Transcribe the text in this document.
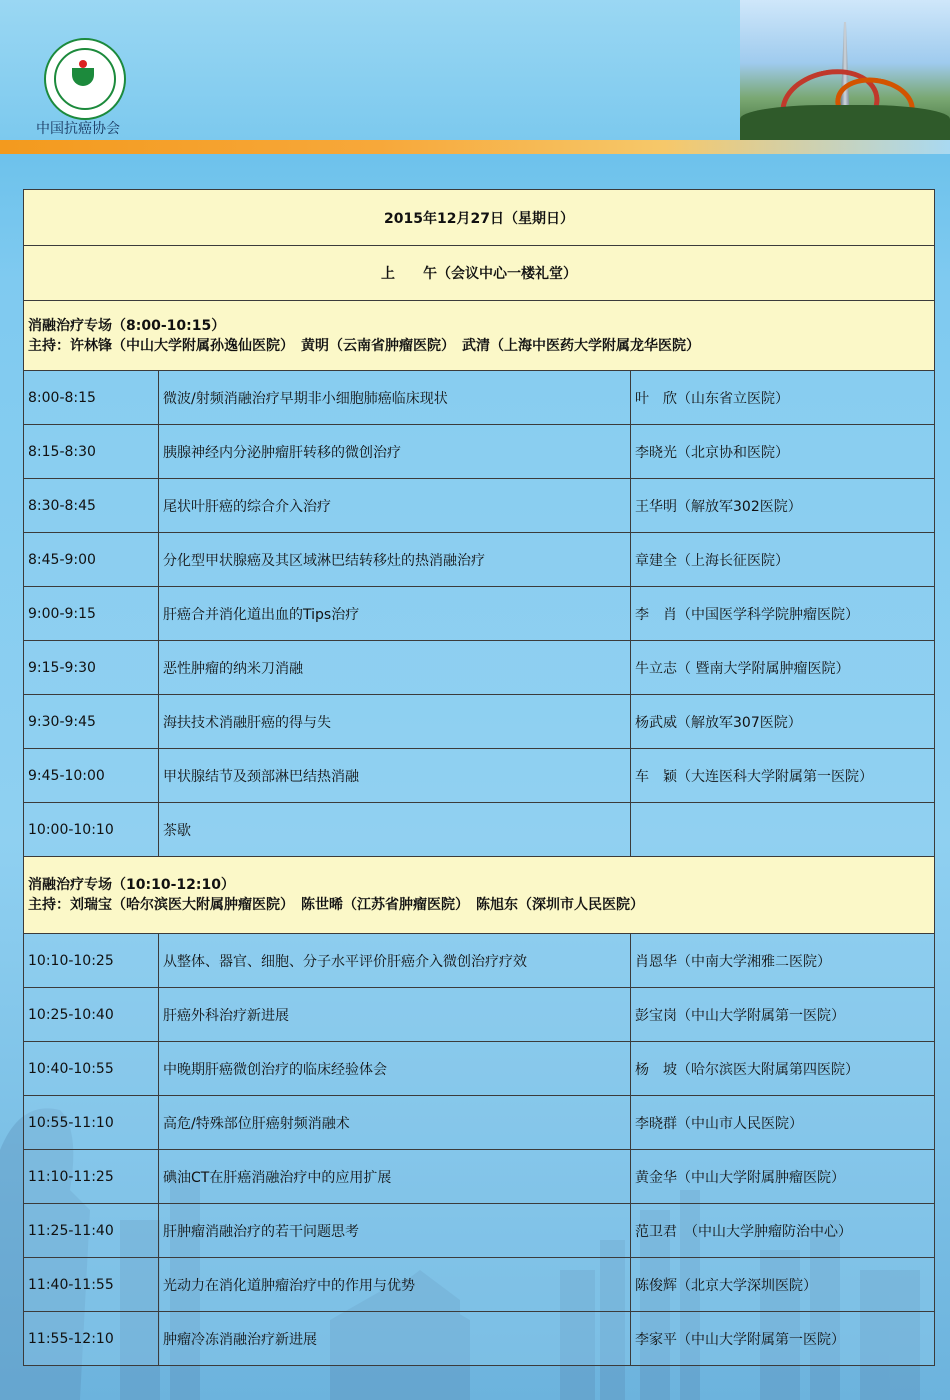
中国抗癌协会
2015年12月27日（星期日）		
上　　午（会议中心一楼礼堂）		

消融治疗专场（8:00-10:15）
主持：许林锋（中山大学附属孙逸仙医院）　黄明（云南省肿瘤医院）　武清（上海中医药大学附属龙华医院）		

8:00-8:15	微波/射频消融治疗早期非小细胞肺癌临床现状	叶　欣（山东省立医院）
8:15-8:30	胰腺神经内分泌肿瘤肝转移的微创治疗	李晓光（北京协和医院）
8:30-8:45	尾状叶肝癌的综合介入治疗	王华明（解放军302医院）
8:45-9:00	分化型甲状腺癌及其区域淋巴结转移灶的热消融治疗	章建全（上海长征医院）
9:00-9:15	肝癌合并消化道出血的Tips治疗	李　肖（中国医学科学院肿瘤医院）
9:15-9:30	恶性肿瘤的纳米刀消融	牛立志（ 暨南大学附属肿瘤医院）
9:30-9:45	海扶技术消融肝癌的得与失	杨武威（解放军307医院）
9:45-10:00	甲状腺结节及颈部淋巴结热消融	车　颖（大连医科大学附属第一医院）
10:00-10:10	茶歇	

消融治疗专场（10:10-12:10）
主持：刘瑞宝（哈尔滨医大附属肿瘤医院）　陈世晞（江苏省肿瘤医院）　陈旭东（深圳市人民医院）		

10:10-10:25	从整体、器官、细胞、分子水平评价肝癌介入微创治疗疗效	肖恩华（中南大学湘雅二医院）
10:25-10:40	肝癌外科治疗新进展	彭宝岗（中山大学附属第一医院）
10:40-10:55	中晚期肝癌微创治疗的临床经验体会	杨　坡（哈尔滨医大附属第四医院）
10:55-11:10	高危/特殊部位肝癌射频消融术	李晓群（中山市人民医院）
11:10-11:25	碘油CT在肝癌消融治疗中的应用扩展	黄金华（中山大学附属肿瘤医院）
11:25-11:40	肝肿瘤消融治疗的若干问题思考	范卫君　（中山大学肿瘤防治中心）
11:40-11:55	光动力在消化道肿瘤治疗中的作用与优势	陈俊辉（北京大学深圳医院）
11:55-12:10	肿瘤冷冻消融治疗新进展	李家平（中山大学附属第一医院）
